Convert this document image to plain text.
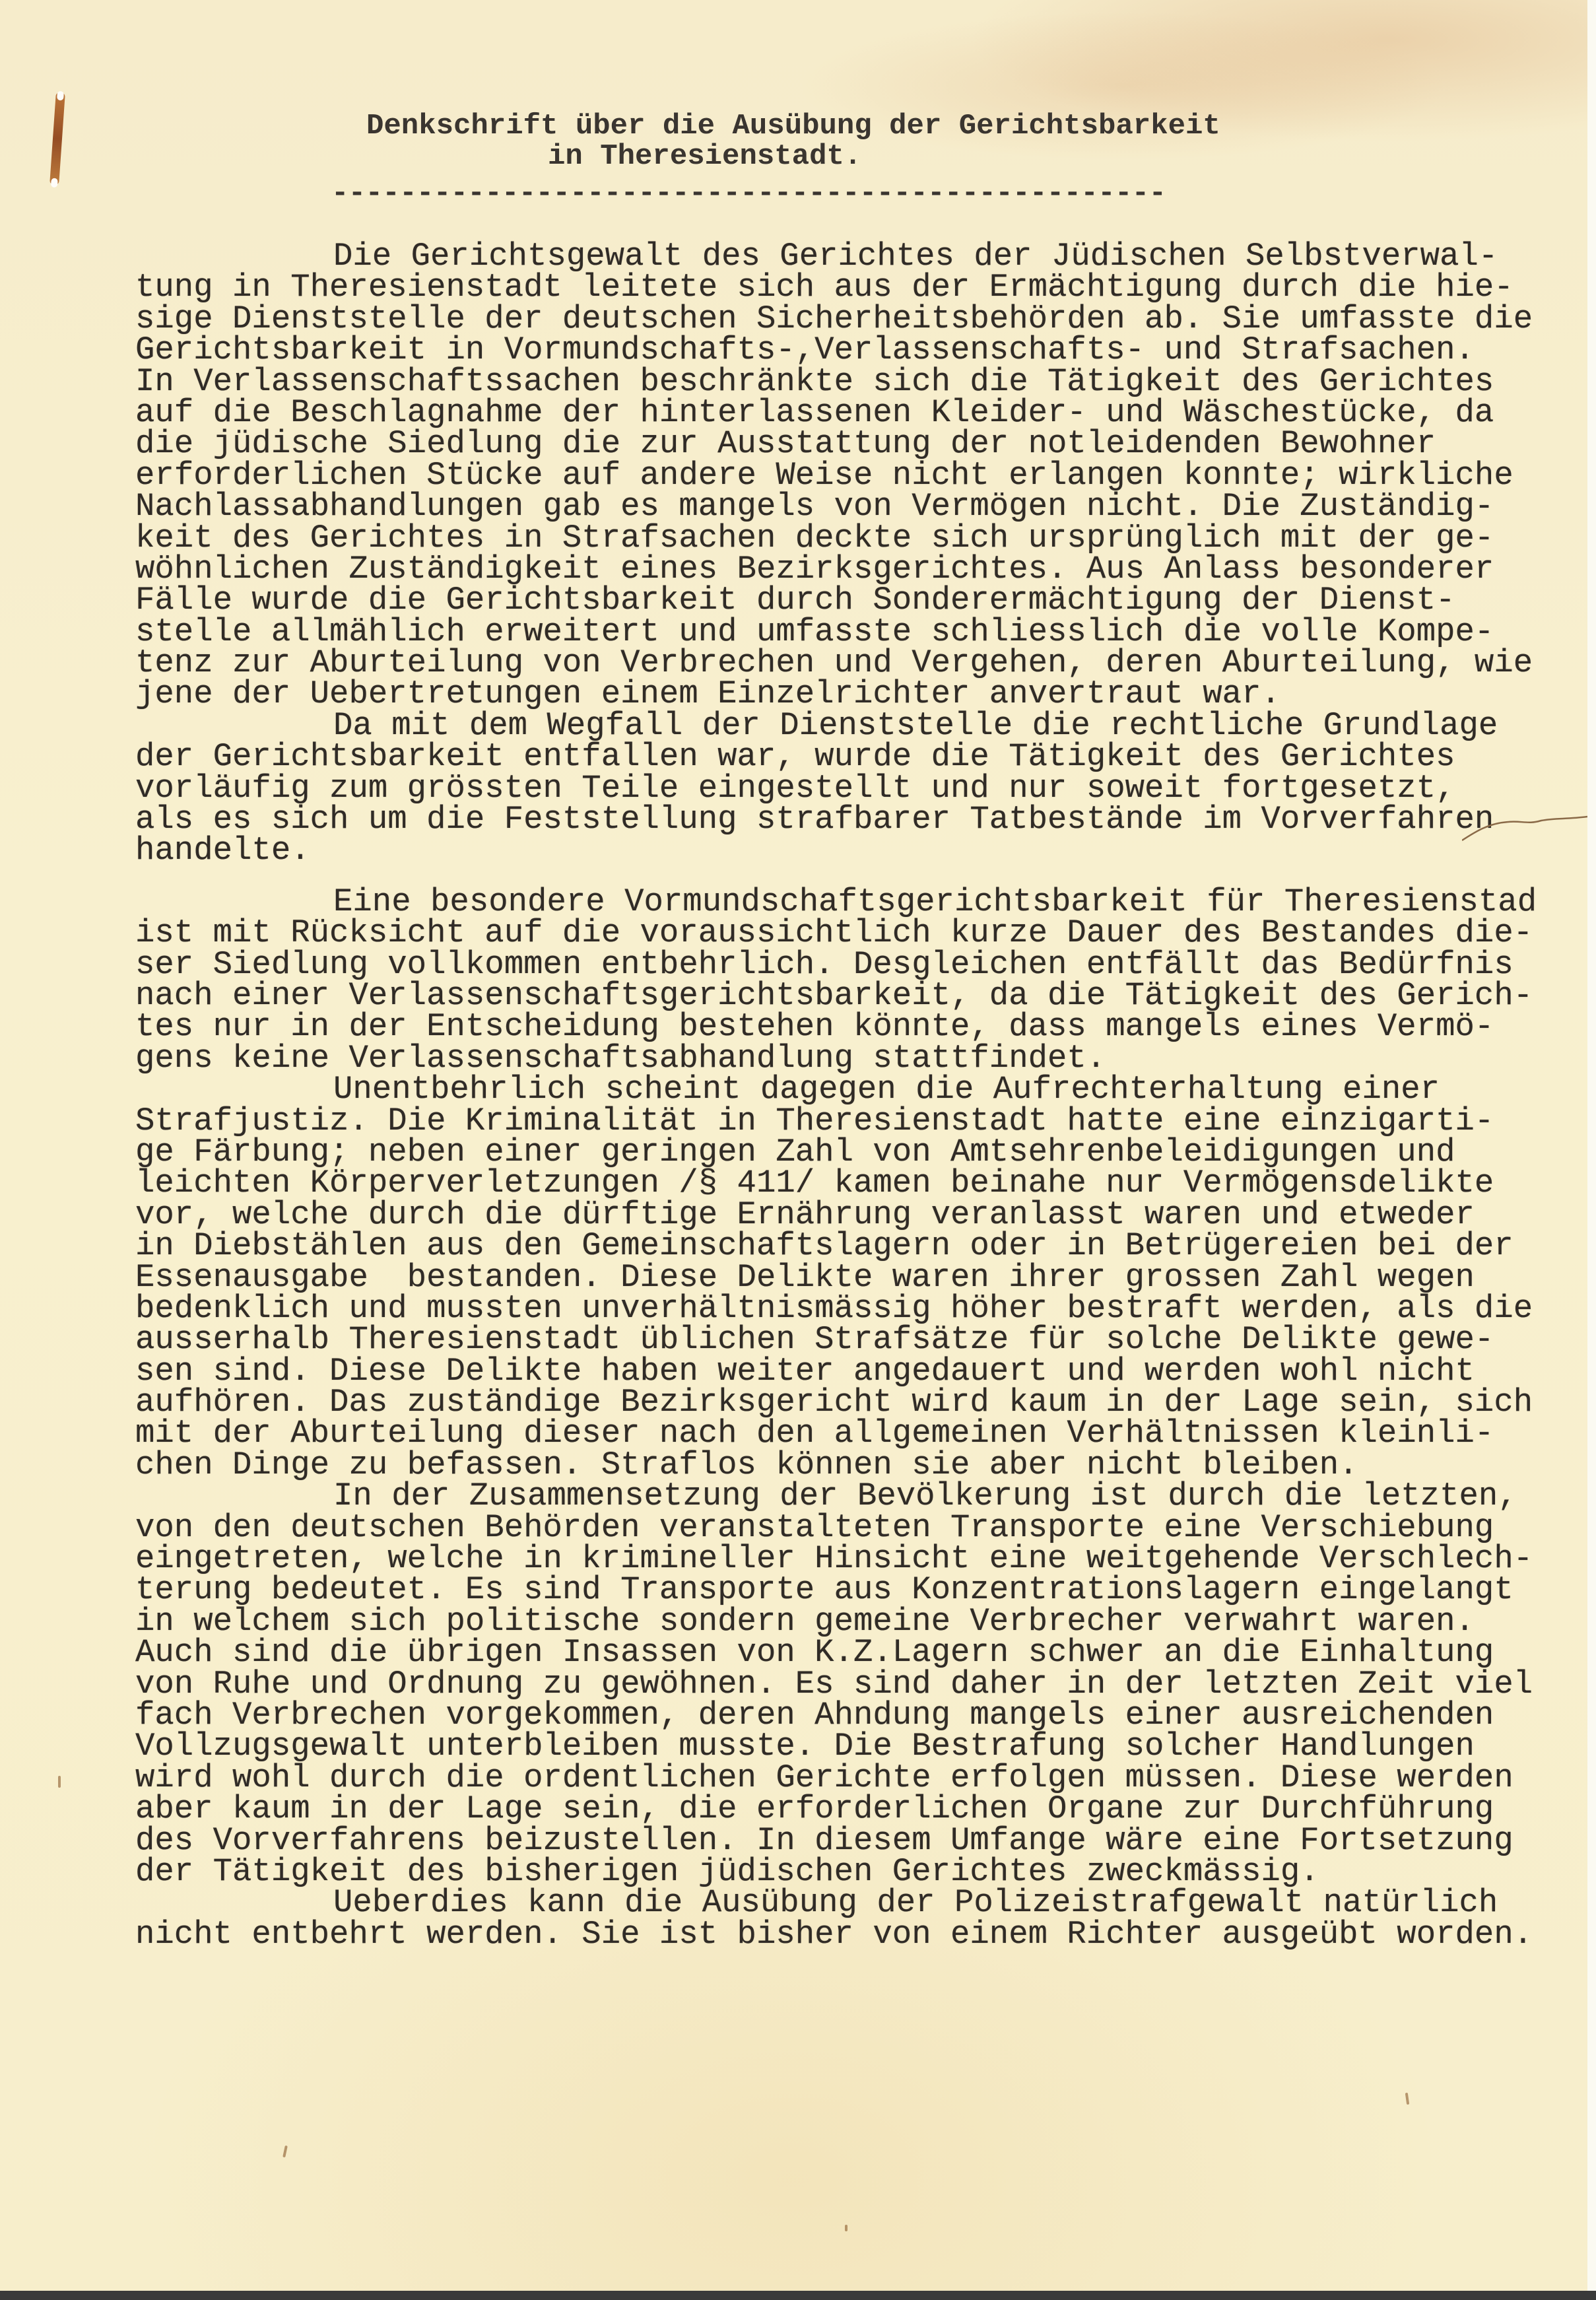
Denkschrift über die Ausübung der Gerichtsbarkeit
in Theresienstadt.
-------------------------------------------------
Die Gerichtsgewalt des Gerichtes der Jüdischen Selbstverwal-
tung in Theresienstadt leitete sich aus der Ermächtigung durch die hie-
sige Dienststelle der deutschen Sicherheitsbehörden ab. Sie umfasste die
Gerichtsbarkeit in Vormundschafts-,Verlassenschafts- und Strafsachen.
In Verlassenschaftssachen beschränkte sich die Tätigkeit des Gerichtes
auf die Beschlagnahme der hinterlassenen Kleider- und Wäschestücke, da
die jüdische Siedlung die zur Ausstattung der notleidenden Bewohner
erforderlichen Stücke auf andere Weise nicht erlangen konnte; wirkliche
Nachlassabhandlungen gab es mangels von Vermögen nicht. Die Zuständig-
keit des Gerichtes in Strafsachen deckte sich ursprünglich mit der ge-
wöhnlichen Zuständigkeit eines Bezirksgerichtes. Aus Anlass besonderer
Fälle wurde die Gerichtsbarkeit durch Sonderermächtigung der Dienst-
stelle allmählich erweitert und umfasste schliesslich die volle Kompe-
tenz zur Aburteilung von Verbrechen und Vergehen, deren Aburteilung, wie
jene der Uebertretungen einem Einzelrichter anvertraut war.
Da mit dem Wegfall der Dienststelle die rechtliche Grundlage
der Gerichtsbarkeit entfallen war, wurde die Tätigkeit des Gerichtes
vorläufig zum grössten Teile eingestellt und nur soweit fortgesetzt,
als es sich um die Feststellung strafbarer Tatbestände im Vorverfahren
handelte.
Eine besondere Vormundschaftsgerichtsbarkeit für Theresienstad
ist mit Rücksicht auf die voraussichtlich kurze Dauer des Bestandes die-
ser Siedlung vollkommen entbehrlich. Desgleichen entfällt das Bedürfnis
nach einer Verlassenschaftsgerichtsbarkeit, da die Tätigkeit des Gerich-
tes nur in der Entscheidung bestehen könnte, dass mangels eines Vermö-
gens keine Verlassenschaftsabhandlung stattfindet.
Unentbehrlich scheint dagegen die Aufrechterhaltung einer
Strafjustiz. Die Kriminalität in Theresienstadt hatte eine einzigarti-
ge Färbung; neben einer geringen Zahl von Amtsehrenbeleidigungen und
leichten Körperverletzungen /§ 411/ kamen beinahe nur Vermögensdelikte
vor, welche durch die dürftige Ernährung veranlasst waren und etweder
in Diebstählen aus den Gemeinschaftslagern oder in Betrügereien bei der
Essenausgabe  bestanden. Diese Delikte waren ihrer grossen Zahl wegen
bedenklich und mussten unverhältnismässig höher bestraft werden, als die
ausserhalb Theresienstadt üblichen Strafsätze für solche Delikte gewe-
sen sind. Diese Delikte haben weiter angedauert und werden wohl nicht
aufhören. Das zuständige Bezirksgericht wird kaum in der Lage sein, sich
mit der Aburteilung dieser nach den allgemeinen Verhältnissen kleinli-
chen Dinge zu befassen. Straflos können sie aber nicht bleiben.
In der Zusammensetzung der Bevölkerung ist durch die letzten,
von den deutschen Behörden veranstalteten Transporte eine Verschiebung
eingetreten, welche in krimineller Hinsicht eine weitgehende Verschlech-
terung bedeutet. Es sind Transporte aus Konzentrationslagern eingelangt
in welchem sich politische sondern gemeine Verbrecher verwahrt waren.
Auch sind die übrigen Insassen von K.Z.Lagern schwer an die Einhaltung
von Ruhe und Ordnung zu gewöhnen. Es sind daher in der letzten Zeit viel
fach Verbrechen vorgekommen, deren Ahndung mangels einer ausreichenden
Vollzugsgewalt unterbleiben musste. Die Bestrafung solcher Handlungen
wird wohl durch die ordentlichen Gerichte erfolgen müssen. Diese werden
aber kaum in der Lage sein, die erforderlichen Organe zur Durchführung
des Vorverfahrens beizustellen. In diesem Umfange wäre eine Fortsetzung
der Tätigkeit des bisherigen jüdischen Gerichtes zweckmässig.
Ueberdies kann die Ausübung der Polizeistrafgewalt natürlich
nicht entbehrt werden. Sie ist bisher von einem Richter ausgeübt worden.
